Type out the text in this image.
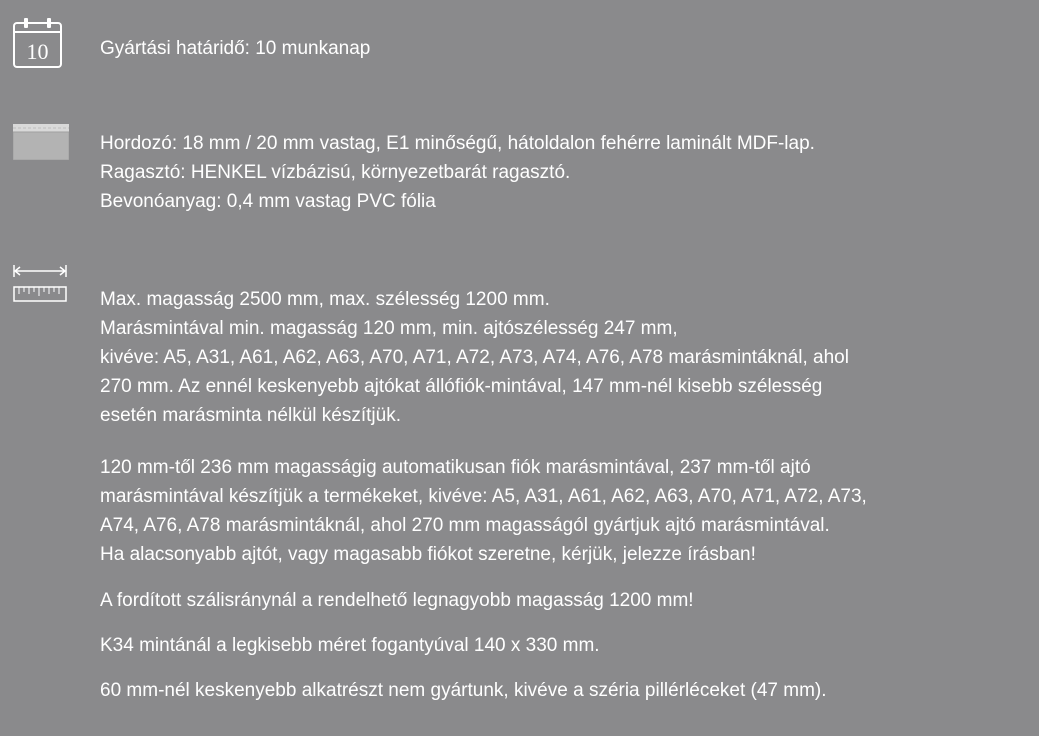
10	Gyártási határidő: 10 munkanap
Hordozó: 18 mm / 20 mm vastag, E1 minőségű, hátoldalon fehérre laminált MDF-lap.
Ragasztó: HENKEL vízbázisú, környezetbarát ragasztó.
Bevonóanyag: 0,4 mm vastag PVC fólia
Max. magasság 2500 mm, max. szélesség 1200 mm.
Marásmintával min. magasság 120 mm, min. ajtószélesség 247 mm,
kivéve: A5, A31, A61, A62, A63, A70, A71, A72, A73, A74, A76, A78 marásmintáknál, ahol
270 mm. Az ennél keskenyebb ajtókat állófiók-mintával, 147 mm-nél kisebb szélesség
esetén marásminta nélkül készítjük.
120 mm-től 236 mm magasságig automatikusan fiók marásmintával, 237 mm-től ajtó
marásmintával készítjük a termékeket, kivéve: A5, A31, A61, A62, A63, A70, A71, A72, A73,
A74, A76, A78 marásmintáknál, ahol 270 mm magasságól gyártjuk ajtó marásmintával.
Ha alacsonyabb ajtót, vagy magasabb fiókot szeretne, kérjük, jelezze írásban!
A fordított szálisránynál a rendelhető legnagyobb magasság 1200 mm!
K34 mintánál a legkisebb méret fogantyúval 140 x 330 mm.
60 mm-nél keskenyebb alkatrészt nem gyártunk, kivéve a széria pillérléceket (47 mm).
